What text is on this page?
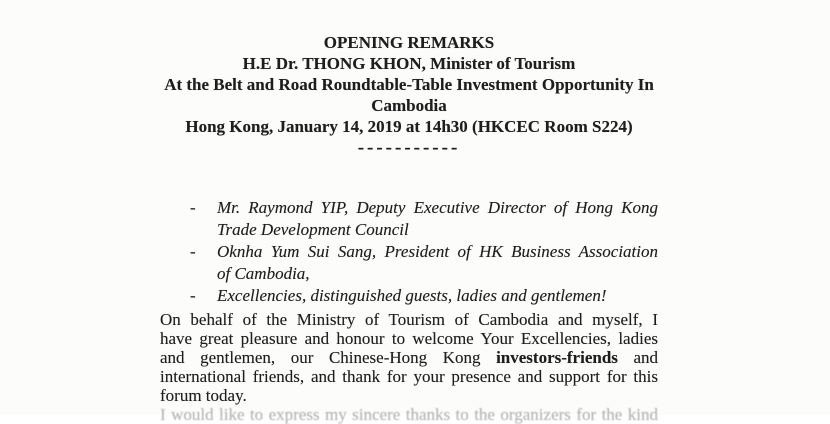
OPENING REMARKS
H.E Dr. THONG KHON, Minister of Tourism
At the Belt and Road Roundtable-Table Investment Opportunity In
Cambodia
Hong Kong, January 14, 2019 at 14h30 (HKCEC Room S224)
-----------
-	Mr. Raymond YIP, Deputy Executive Director of Hong Kong
Trade Development Council
-	Oknha Yum Sui Sang, President of HK Business Association
of Cambodia,
-	Excellencies, distinguished guests, ladies and gentlemen!
On behalf of the Ministry of Tourism of Cambodia and myself, I
have great pleasure and honour to welcome Your Excellencies, ladies
and gentlemen, our Chinese-Hong Kong investors-friends and
international friends, and thank for your presence and support for this
forum today.
I would like to express my sincere thanks to the organizers for the kind
